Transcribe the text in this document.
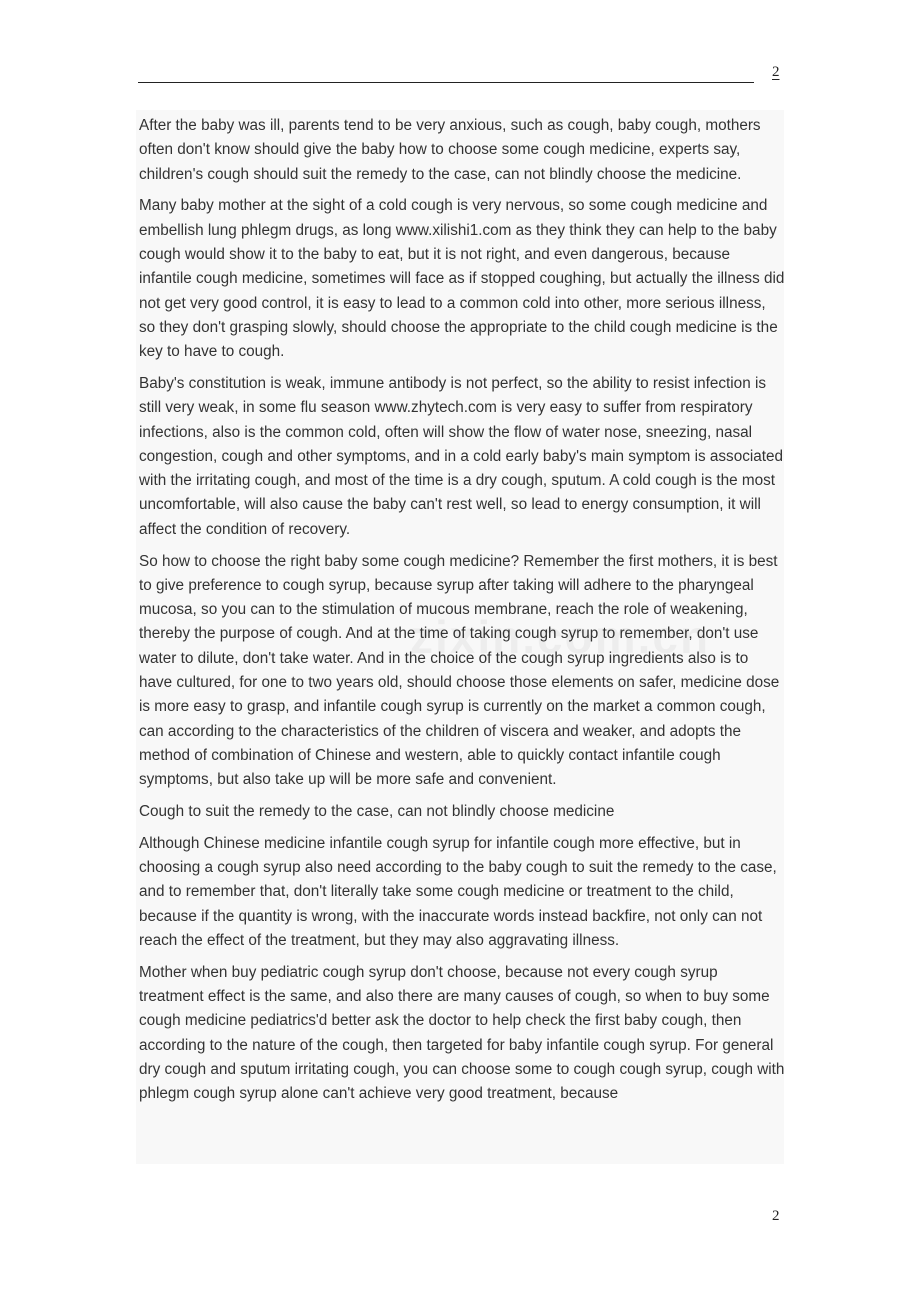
2

After the baby was ill, parents tend to be very anxious, such as cough, baby cough, mothers often don't know should give the baby how to choose some cough medicine, experts say, children's cough should suit the remedy to the case, can not blindly choose the medicine.

Many baby mother at the sight of a cold cough is very nervous, so some cough medicine and embellish lung phlegm drugs, as long www.xilishi1.com as they think they can help to the baby cough would show it to the baby to eat, but it is not right, and even dangerous, because infantile cough medicine, sometimes will face as if stopped coughing, but actually the illness did not get very good control, it is easy to lead to a common cold into other, more serious illness, so they don't grasping slowly, should choose the appropriate to the child cough medicine is the key to have to cough.

Baby's constitution is weak, immune antibody is not perfect, so the ability to resist infection is still very weak, in some flu season www.zhytech.com is very easy to suffer from respiratory infections, also is the common cold, often will show the flow of water nose, sneezing, nasal congestion, cough and other symptoms, and in a cold early baby's main symptom is associated with the irritating cough, and most of the time is a dry cough, sputum. A cold cough is the most uncomfortable, will also cause the baby can't rest well, so lead to energy consumption, it will affect the condition of recovery.

So how to choose the right baby some cough medicine? Remember the first mothers, it is best to give preference to cough syrup, because syrup after taking will adhere to the pharyngeal mucosa, so you can to the stimulation of mucous membrane, reach the role of weakening, thereby the purpose of cough. And at the time of taking cough syrup to remember, don't use water to dilute, don't take water. And in the choice of the cough syrup ingredients also is to have cultured, for one to two years old, should choose those elements on safer, medicine dose is more easy to grasp, and infantile cough syrup is currently on the market a common cough, can according to the characteristics of the children of viscera and weaker, and adopts the method of combination of Chinese and western, able to quickly contact infantile cough symptoms, but also take up will be more safe and convenient.

Cough to suit the remedy to the case, can not blindly choose medicine

Although Chinese medicine infantile cough syrup for infantile cough more effective, but in choosing a cough syrup also need according to the baby cough to suit the remedy to the case, and to remember that, don't literally take some cough medicine or treatment to the child, because if the quantity is wrong, with the inaccurate words instead backfire, not only can not reach the effect of the treatment, but they may also aggravating illness.

Mother when buy pediatric cough syrup don't choose, because not every cough syrup treatment effect is the same, and also there are many causes of cough, so when to buy some cough medicine pediatrics'd better ask the doctor to help check the first baby cough, then according to the nature of the cough, then targeted for baby infantile cough syrup. For general dry cough and sputum irritating cough, you can choose some to cough cough syrup, cough with phlegm cough syrup alone can't achieve very good treatment, because

2
